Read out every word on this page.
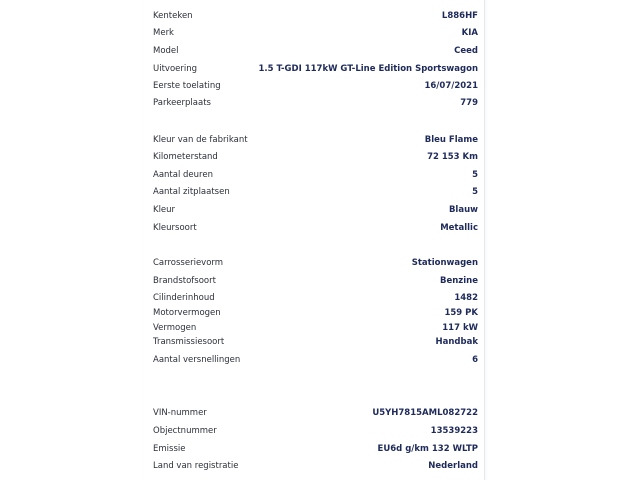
Kenteken	L886HF
Merk	KIA
Model	Ceed
Uitvoering	1.5 T-GDI 117kW GT-Line Edition Sportswagon
Eerste toelating	16/07/2021
Parkeerplaats	779
Kleur van de fabrikant	Bleu Flame
Kilometerstand	72 153 Km
Aantal deuren	5
Aantal zitplaatsen	5
Kleur	Blauw
Kleursoort	Metallic
Carrosserievorm	Stationwagen
Brandstofsoort	Benzine
Cilinderinhoud	1482
Motorvermogen	159 PK
Vermogen	117 kW
Transmissiesoort	Handbak
Aantal versnellingen	6
VIN-nummer	U5YH7815AML082722
Objectnummer	13539223
Emissie	EU6d g/km 132 WLTP
Land van registratie	Nederland
